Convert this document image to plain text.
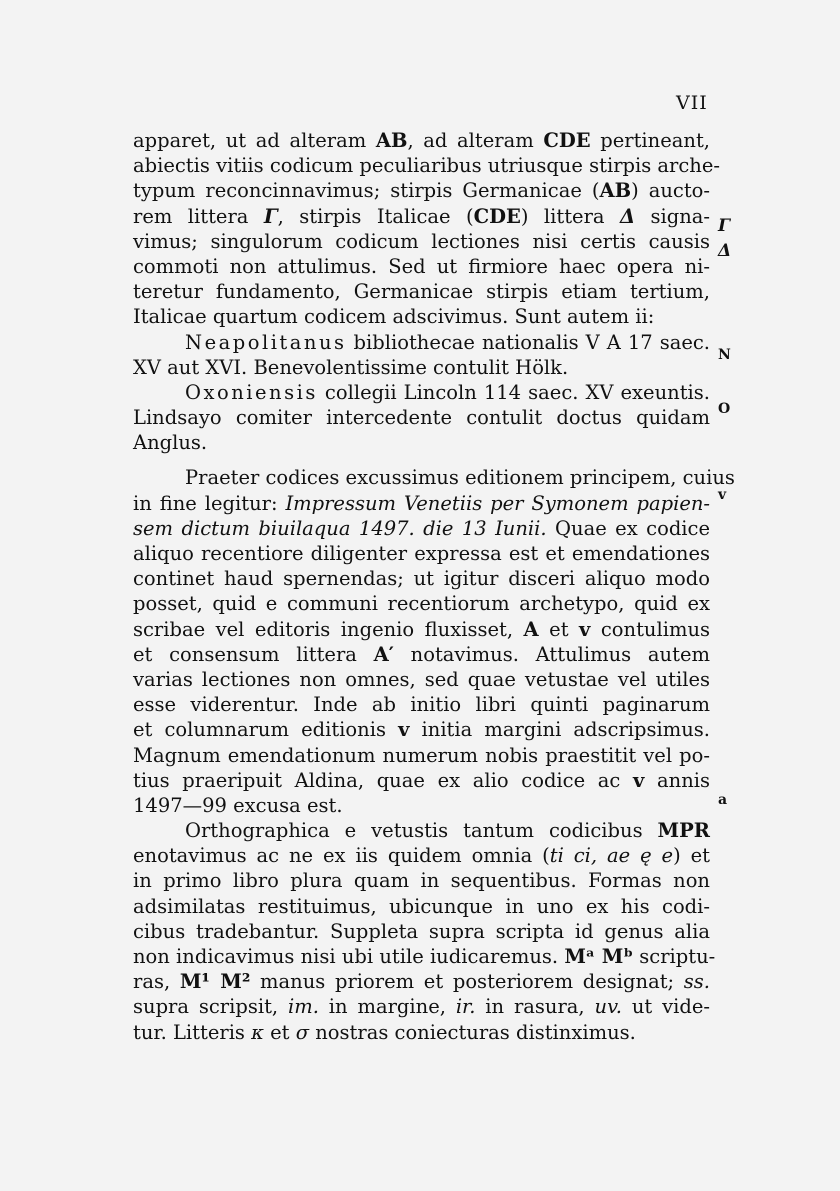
VII
apparet, ut ad alteram AB, ad alteram CDE pertineant,
abiectis vitiis codicum peculiaribus utriusque stirpis arche-
typum reconcinnavimus; stirpis Germanicae (AB) aucto-
rem littera Γ, stirpis Italicae (CDE) littera Δ signa-
vimus; singulorum codicum lectiones nisi certis causis
commoti non attulimus. Sed ut firmiore haec opera ni-
teretur fundamento, Germanicae stirpis etiam tertium,
Italicae quartum codicem adscivimus. Sunt autem ii:
Neapolitanus bibliothecae nationalis V A 17 saec.
XV aut XVI. Benevolentissime contulit Hölk.
Oxoniensis collegii Lincoln 114 saec. XV exeuntis.
Lindsayo comiter intercedente contulit doctus quidam
Anglus.
Praeter codices excussimus editionem principem, cuius
in fine legitur: Impressum Venetiis per Symonem papien-
sem dictum biuilaqua 1497. die 13 Iunii. Quae ex codice
aliquo recentiore diligenter expressa est et emendationes
continet haud spernendas; ut igitur disceri aliquo modo
posset, quid e communi recentiorum archetypo, quid ex
scribae vel editoris ingenio fluxisset, A et v contulimus
et consensum littera A′ notavimus. Attulimus autem
varias lectiones non omnes, sed quae vetustae vel utiles
esse viderentur. Inde ab initio libri quinti paginarum
et columnarum editionis v initia margini adscripsimus.
Magnum emendationum numerum nobis praestitit vel po-
tius praeripuit Aldina, quae ex alio codice ac v annis
1497—99 excusa est.
Orthographica e vetustis tantum codicibus MPR
enotavimus ac ne ex iis quidem omnia (ti ci, ae ę e) et
in primo libro plura quam in sequentibus. Formas non
adsimilatas restituimus, ubicunque in uno ex his codi-
cibus tradebantur. Suppleta supra scripta id genus alia
non indicavimus nisi ubi utile iudicaremus. Mᵃ Mᵇ scriptu-
ras, M¹ M² manus priorem et posteriorem designat; ss.
supra scripsit, im. in margine, ir. in rasura, uv. ut vide-
tur. Litteris κ et σ nostras coniecturas distinximus.
Γ
Δ
N
O
v
a
